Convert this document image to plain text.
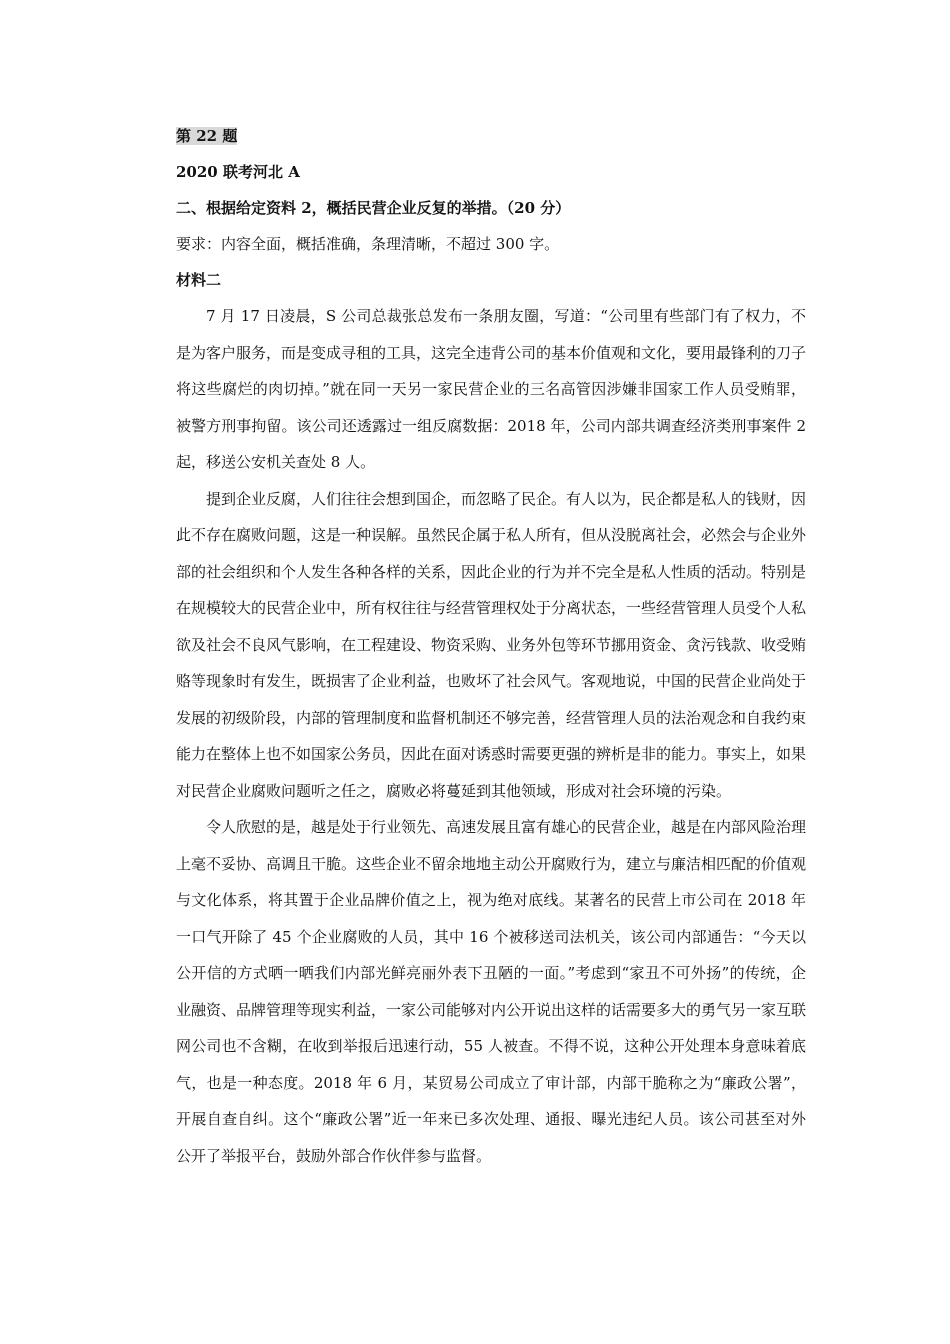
第 22 题
2020 联考河北 A
二、根据给定资料 2，概括民营企业反复的举措。（20 分）
要求：内容全面，概括准确，条理清晰，不超过 300 字。
材料二

7 月 17 日凌晨，S 公司总裁张总发布一条朋友圈，写道：“公司里有些部门有了权力，不是为客户服务，而是变成寻租的工具，这完全违背公司的基本价值观和文化，要用最锋利的刀子将这些腐烂的肉切掉。”就在同一天另一家民营企业的三名高管因涉嫌非国家工作人员受贿罪，被警方刑事拘留。该公司还透露过一组反腐数据：2018 年，公司内部共调查经济类刑事案件 2 起，移送公安机关查处 8 人。

提到企业反腐，人们往往会想到国企，而忽略了民企。有人以为，民企都是私人的钱财，因此不存在腐败问题，这是一种误解。虽然民企属于私人所有，但从没脱离社会，必然会与企业外部的社会组织和个人发生各种各样的关系，因此企业的行为并不完全是私人性质的活动。特别是在规模较大的民营企业中，所有权往往与经营管理权处于分离状态，一些经营管理人员受个人私欲及社会不良风气影响，在工程建设、物资采购、业务外包等环节挪用资金、贪污钱款、收受贿赂等现象时有发生，既损害了企业利益，也败坏了社会风气。客观地说，中国的民营企业尚处于发展的初级阶段，内部的管理制度和监督机制还不够完善，经营管理人员的法治观念和自我约束能力在整体上也不如国家公务员，因此在面对诱惑时需要更强的辨析是非的能力。事实上，如果对民营企业腐败问题听之任之，腐败必将蔓延到其他领域，形成对社会环境的污染。

令人欣慰的是，越是处于行业领先、高速发展且富有雄心的民营企业，越是在内部风险治理上毫不妥协、高调且干脆。这些企业不留余地地主动公开腐败行为，建立与廉洁相匹配的价值观与文化体系，将其置于企业品牌价值之上，视为绝对底线。某著名的民营上市公司在 2018 年一口气开除了 45 个企业腐败的人员，其中 16 个被移送司法机关，该公司内部通告：“今天以公开信的方式晒一晒我们内部光鲜亮丽外表下丑陋的一面。”考虑到“家丑不可外扬”的传统，企业融资、品牌管理等现实利益，一家公司能够对内公开说出这样的话需要多大的勇气另一家互联网公司也不含糊，在收到举报后迅速行动，55 人被查。不得不说，这种公开处理本身意味着底气，也是一种态度。2018 年 6 月，某贸易公司成立了审计部，内部干脆称之为“廉政公署”，开展自查自纠。这个“廉政公署”近一年来已多次处理、通报、曝光违纪人员。该公司甚至对外公开了举报平台，鼓励外部合作伙伴参与监督。
